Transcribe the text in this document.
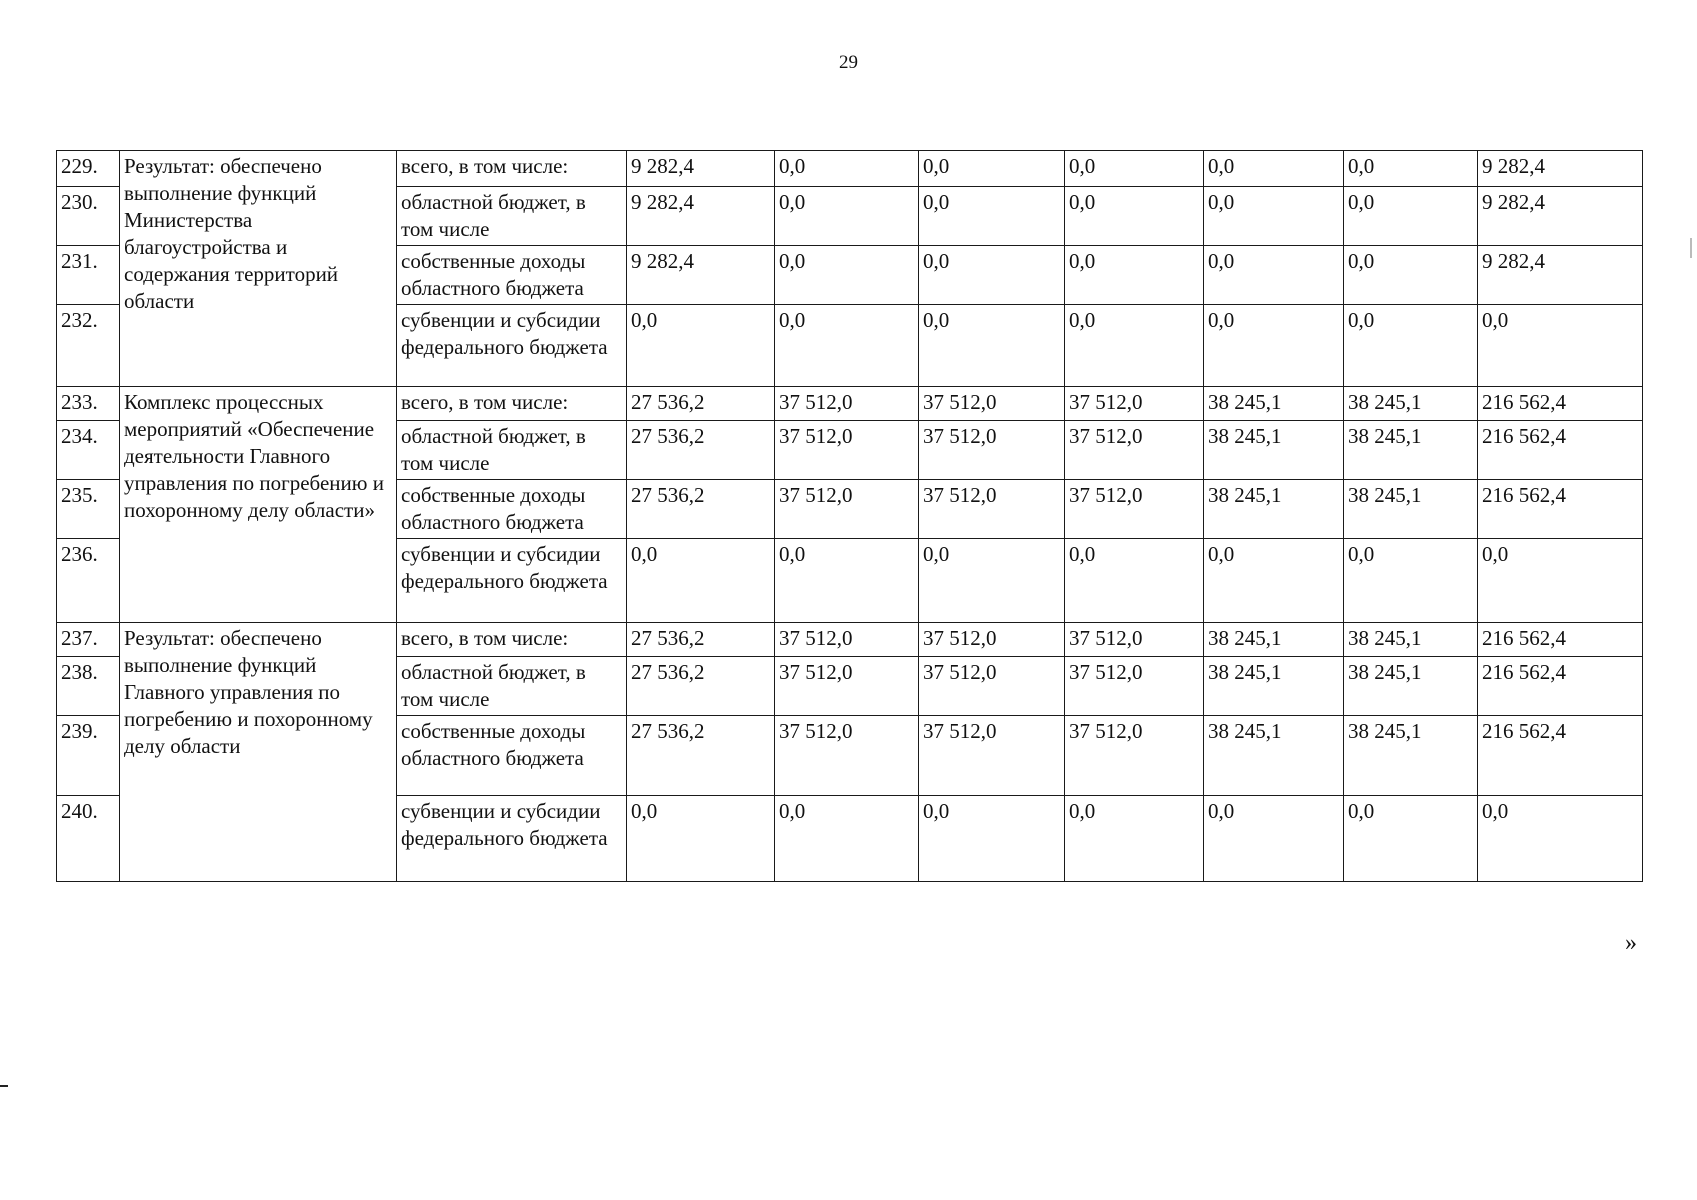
29
229.	Результат: обеспечено выполнение функций Министерства благоустройства и содержания территорий области	всего, в том числе:	9 282,4	0,0	0,0	0,0	0,0	0,0	9 282,4
230.		областной бюджет, в том числе	9 282,4	0,0	0,0	0,0	0,0	0,0	9 282,4
231.		собственные доходы областного бюджета	9 282,4	0,0	0,0	0,0	0,0	0,0	9 282,4
232.		субвенции и субсидии федерального бюджета	0,0	0,0	0,0	0,0	0,0	0,0	0,0
233.	Комплекс процессных мероприятий «Обеспечение деятельности Главного управления по погребению и похоронному делу области»	всего, в том числе:	27 536,2	37 512,0	37 512,0	37 512,0	38 245,1	38 245,1	216 562,4
234.		областной бюджет, в том числе	27 536,2	37 512,0	37 512,0	37 512,0	38 245,1	38 245,1	216 562,4
235.		собственные доходы областного бюджета	27 536,2	37 512,0	37 512,0	37 512,0	38 245,1	38 245,1	216 562,4
236.		субвенции и субсидии федерального бюджета	0,0	0,0	0,0	0,0	0,0	0,0	0,0
237.	Результат: обеспечено выполнение функций Главного управления по погребению и похоронному делу области	всего, в том числе:	27 536,2	37 512,0	37 512,0	37 512,0	38 245,1	38 245,1	216 562,4
238.		областной бюджет, в том числе	27 536,2	37 512,0	37 512,0	37 512,0	38 245,1	38 245,1	216 562,4
239.		собственные доходы областного бюджета	27 536,2	37 512,0	37 512,0	37 512,0	38 245,1	38 245,1	216 562,4
240.		субвенции и субсидии федерального бюджета	0,0	0,0	0,0	0,0	0,0	0,0	0,0
»
